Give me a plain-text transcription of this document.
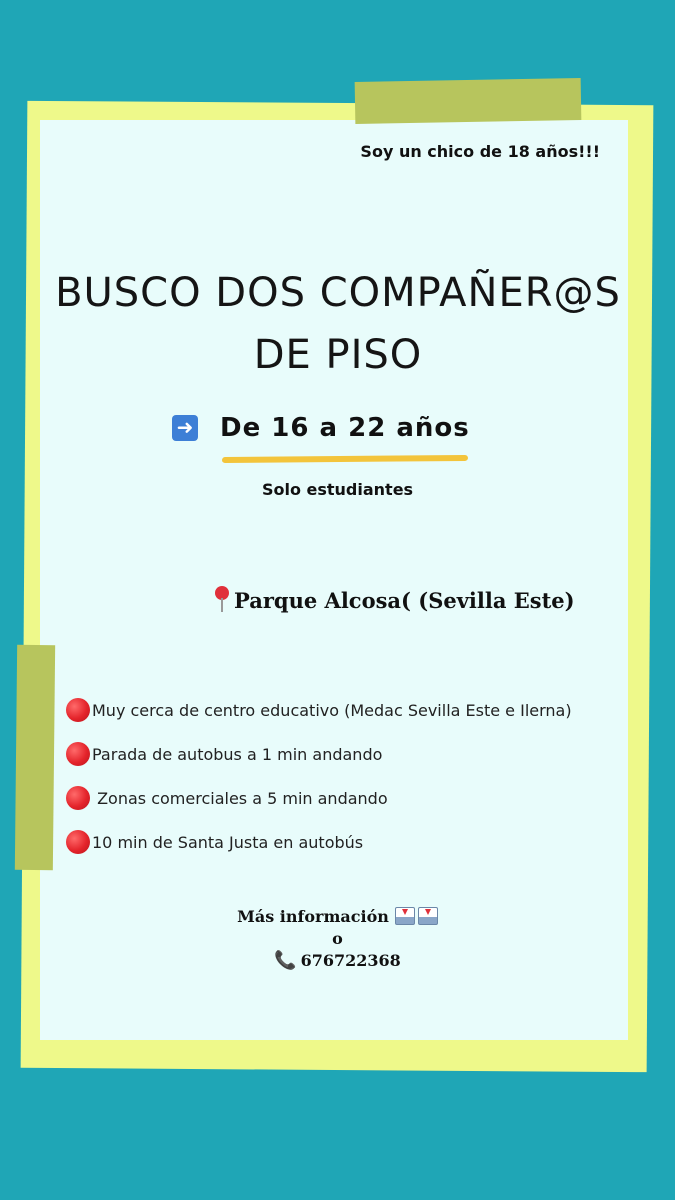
Soy un chico de 18 años!!!

BUSCO DOS COMPAÑER@S
DE PISO
➜ De 16 a 22 años

Solo estudiantes

Parque Alcosa( (Sevilla Este)
Muy cerca de centro educativo (Medac Sevilla Este e Ilerna)
Parada de autobus a 1 min andando
Zonas comerciales a 5 min andando
10 min de Santa Justa en autobús
Más información
o
📞 676722368
